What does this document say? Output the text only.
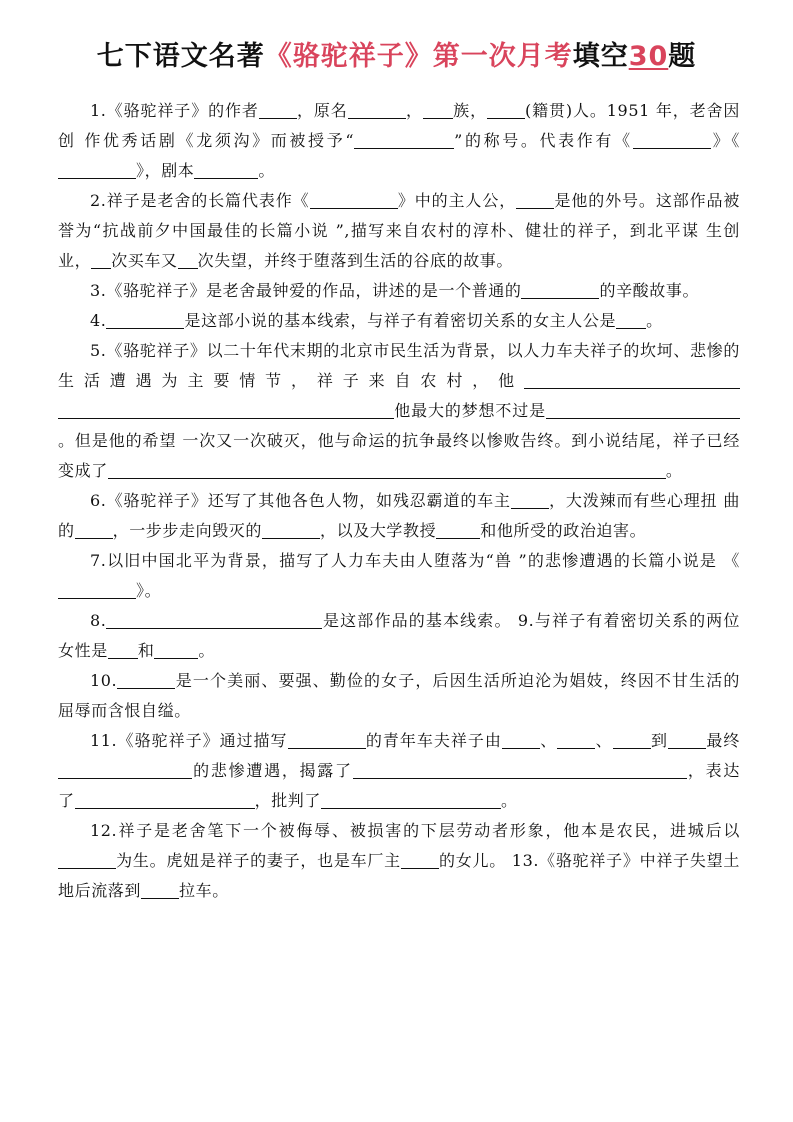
七下语文名著《骆驼祥子》第一次月考填空30题

1.《骆驼祥子》的作者 ，原名	， 族， (籍贯)人。1951 年，老舍因创 作优秀话剧《龙须沟》而被授予“	”的称号。代表作有《	》《》，剧本	。

2.祥子是老舍的长篇代表作《	》中的主人公， 是他的外号。这部作品被 誉为“抗战前夕中国最佳的长篇小说 ”,描写来自农村的淳朴、健壮的祥子，到北平谋 生创业， 次买车又 次失望，并终于堕落到生活的谷底的故事。

3.《骆驼祥子》是老舍最钟爱的作品，讲述的是一个普通的	的辛酸故事。

4.	是这部小说的基本线索，与祥子有着密切关系的女主人公是 。

5.《骆驼祥子》以二十年代末期的北京市民生活为背景，以人力车夫祥子的坎坷、悲惨的生活遭遇为主要情节，祥子来自农村，他他最大的梦想不过是。但是他的希望 一次又一次破灭，他与命运的抗争最终以惨败告终。到小说结尾，祥子已经变成了	。

6.《骆驼祥子》还写了其他各色人物，如残忍霸道的车主 ，大泼辣而有些心理扭 曲的 ，一步步走向毁灭的	，以及大学教授	和他所受的政治迫害。

7.以旧中国北平为背景，描写了人力车夫由人堕落为“兽 ”的悲惨遭遇的长篇小说是 《 》。

8.	是这部作品的基本线索。 9.与祥子有着密切关系的两位女性是 和	。

10.	是一个美丽、要强、勤俭的女子，后因生活所迫沦为娼妓，终因不甘生活的 屈辱而含恨自缢。

11.《骆驼祥子》通过描写	的青年车夫祥子由 、 、 到 最终的悲惨遭遇，揭露了	，表达了	，批判了	。

12.祥子是老舍笔下一个被侮辱、被损害的下层劳动者形象，他本是农民，进城后以为生。虎妞是祥子的妻子，也是车厂主 的女儿。 13.《骆驼祥子》中祥子失望土地后流落到 拉车。
